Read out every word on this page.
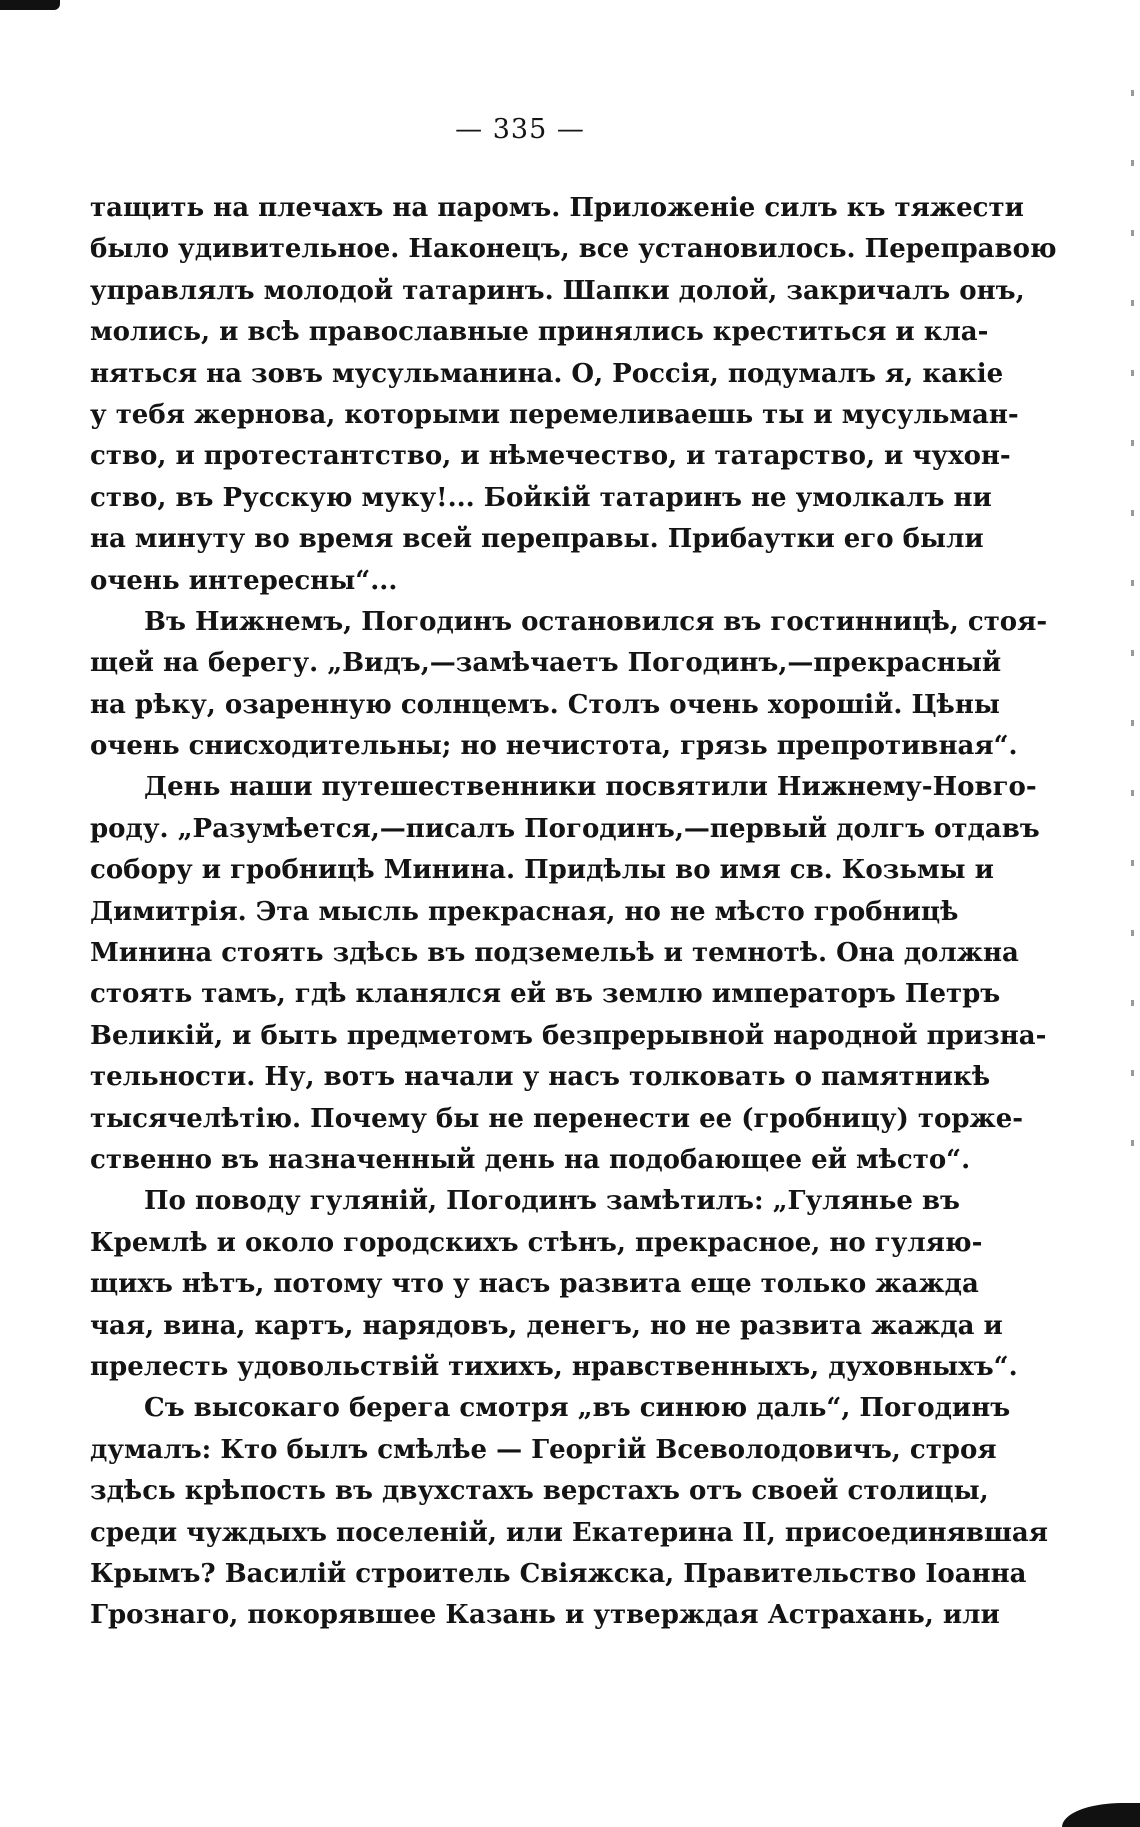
— 335 —
тащить на плечахъ на паромъ. Приложеніе силъ къ тяжести
было удивительное. Наконецъ, все установилось. Переправою
управлялъ молодой татаринъ. Шапки долой, закричалъ онъ,
молись, и всѣ православные принялись креститься и кла-
няться на зовъ мусульманина. О, Россія, подумалъ я, какіе
у тебя жернова, которыми перемеливаешь ты и мусульман-
ство, и протестантство, и нѣмечество, и татарство, и чухон-
ство, въ Русскую муку!... Бойкій татаринъ не умолкалъ ни
на минуту во время всей переправы. Прибаутки его были
очень интересны“...
Въ Нижнемъ, Погодинъ остановился въ гостинницѣ, стоя-
щей на берегу. „Видъ,—замѣчаетъ Погодинъ,—прекрасный
на рѣку, озаренную солнцемъ. Столъ очень хорошій. Цѣны
очень снисходительны; но нечистота, грязь препротивная“.
День наши путешественники посвятили Нижнему-Новго-
роду. „Разумѣется,—писалъ Погодинъ,—первый долгъ отдавъ
собору и гробницѣ Минина. Придѣлы во имя св. Козьмы и
Димитрія. Эта мысль прекрасная, но не мѣсто гробницѣ
Минина стоять здѣсь въ подземельѣ и темнотѣ. Она должна
стоять тамъ, гдѣ кланялся ей въ землю императоръ Петръ
Великій, и быть предметомъ безпрерывной народной призна-
тельности. Ну, вотъ начали у насъ толковать о памятникѣ
тысячелѣтію. Почему бы не перенести ее (гробницу) торже-
ственно въ назначенный день на подобающее ей мѣсто“.
По поводу гуляній, Погодинъ замѣтилъ: „Гулянье въ
Кремлѣ и около городскихъ стѣнъ, прекрасное, но гуляю-
щихъ нѣтъ, потому что у насъ развита еще только жажда
чая, вина, картъ, нарядовъ, денегъ, но не развита жажда и
прелесть удовольствій тихихъ, нравственныхъ, духовныхъ“.
Съ высокаго берега смотря „въ синюю даль“, Погодинъ
думалъ: Кто былъ смѣлѣе — Георгій Всеволодовичъ, строя
здѣсь крѣпость въ двухстахъ верстахъ отъ своей столицы,
среди чуждыхъ поселеній, или Екатерина II, присоединявшая
Крымъ? Василій строитель Свіяжска, Правительство Іоанна
Грознаго, покорявшее Казань и утверждая Астрахань, или
